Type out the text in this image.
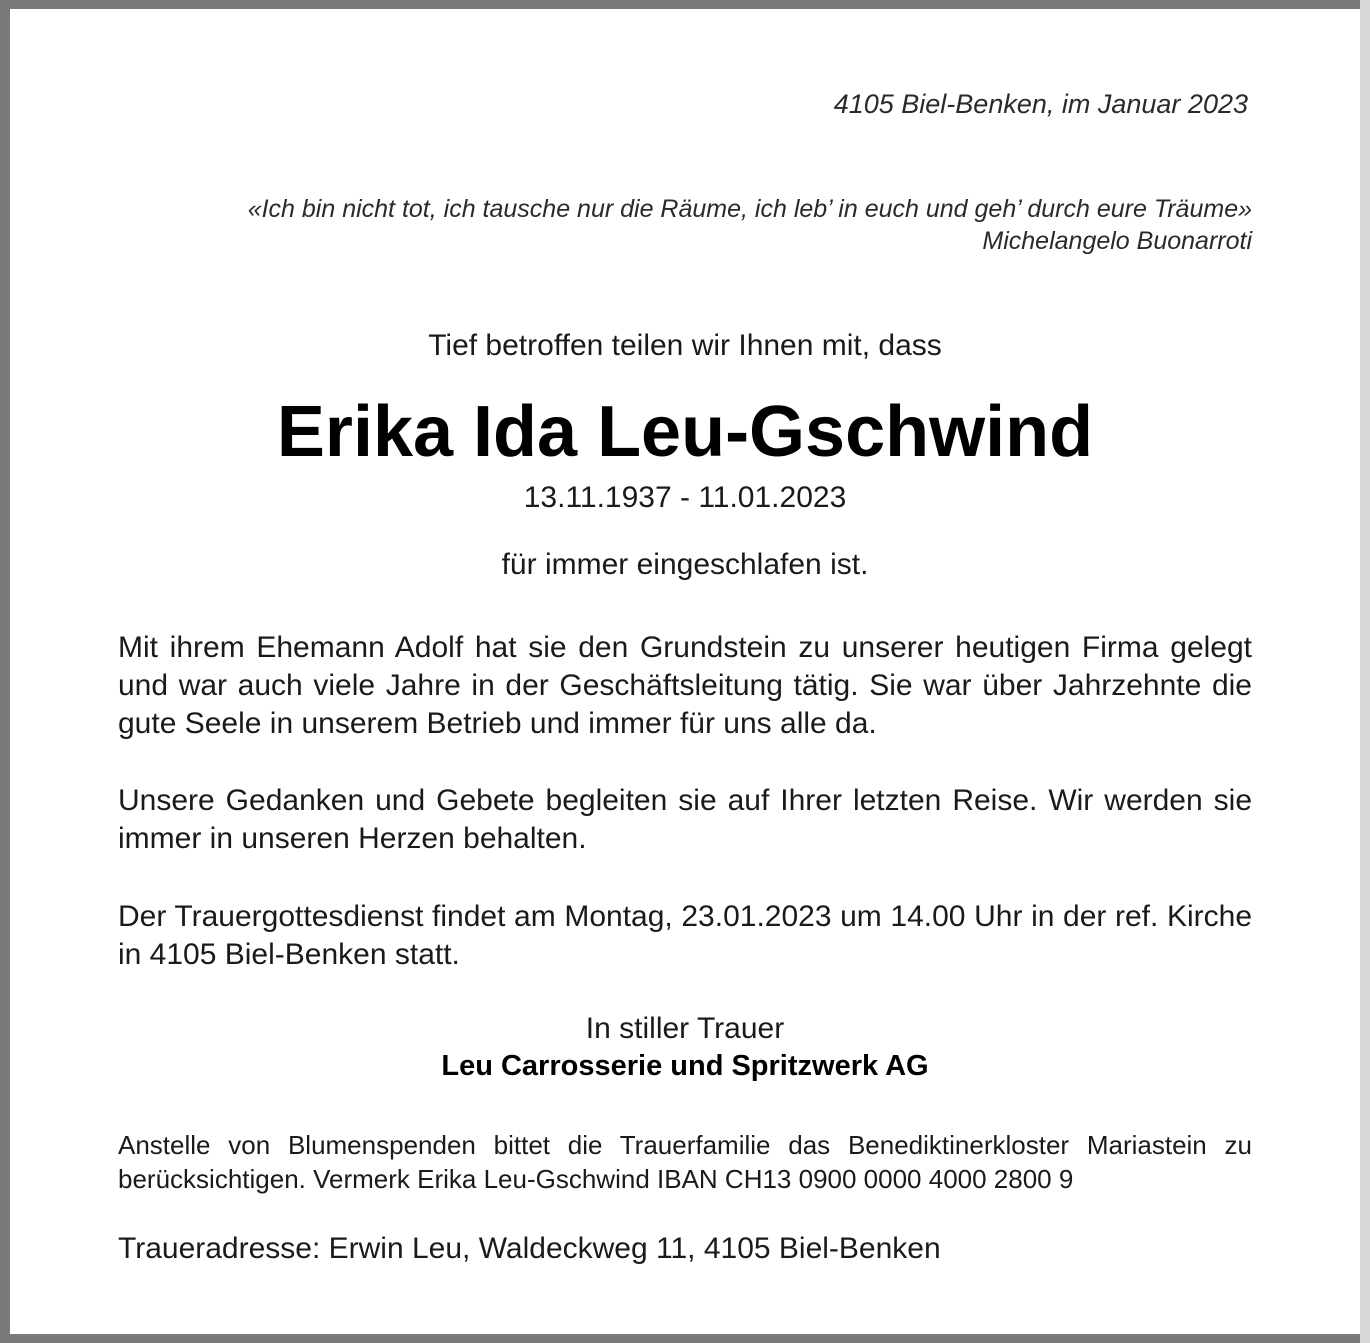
4105 Biel-Benken, im Januar 2023
«Ich bin nicht tot, ich tausche nur die Räume, ich leb’ in euch und geh’ durch eure Träume»
Michelangelo Buonarroti
Tief betroffen teilen wir Ihnen mit, dass
Erika Ida Leu-Gschwind
13.11.1937 - 11.01.2023
für immer eingeschlafen ist.
Mit ihrem Ehemann Adolf hat sie den Grundstein zu unserer heutigen Firma gelegt und war auch viele Jahre in der Geschäftsleitung tätig. Sie war über Jahrzehnte die gute Seele in unserem Betrieb und immer für uns alle da.
Unsere Gedanken und Gebete begleiten sie auf Ihrer letzten Reise. Wir werden sie immer in unseren Herzen behalten.
Der Trauergottesdienst findet am Montag, 23.01.2023 um 14.00 Uhr in der ref. Kirche in 4105 Biel-Benken statt.
In stiller Trauer
Leu Carrosserie und Spritzwerk AG
Anstelle von Blumenspenden bittet die Trauerfamilie das Benediktinerkloster Mariastein zu berücksichtigen. Vermerk Erika Leu-Gschwind IBAN CH13 0900 0000 4000 2800 9
Traueradresse: Erwin Leu, Waldeckweg 11, 4105 Biel-Benken
